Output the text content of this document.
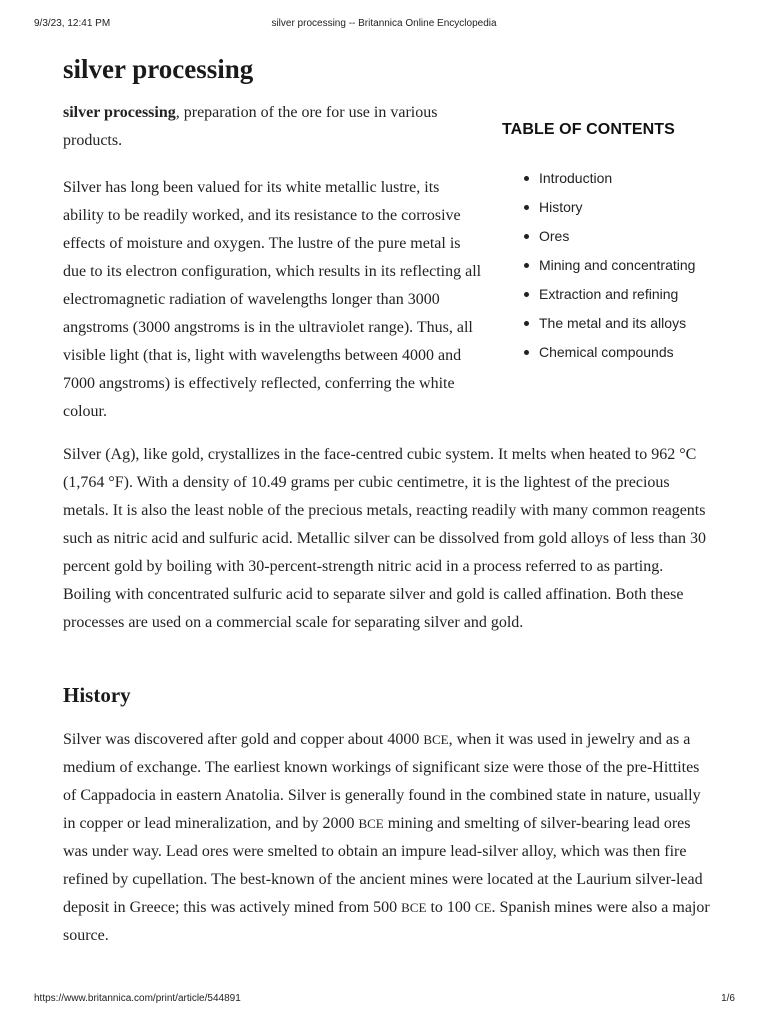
9/3/23, 12:41 PM	silver processing -- Britannica Online Encyclopedia
silver processing

silver processing, preparation of the ore for use in various products.

Silver has long been valued for its white metallic lustre, its ability to be readily worked, and its resistance to the corrosive effects of moisture and oxygen. The lustre of the pure metal is due to its electron configuration, which results in its reflecting all electromagnetic radiation of wavelengths longer than 3000 angstroms (3000 angstroms is in the ultraviolet range). Thus, all visible light (that is, light with wavelengths between 4000 and 7000 angstroms) is effectively reflected, conferring the white colour.

TABLE OF CONTENTS
Introduction
History
Ores
Mining and concentrating
Extraction and refining
The metal and its alloys
Chemical compounds

Silver (Ag), like gold, crystallizes in the face-centred cubic system. It melts when heated to 962 °C (1,764 °F). With a density of 10.49 grams per cubic centimetre, it is the lightest of the precious metals. It is also the least noble of the precious metals, reacting readily with many common reagents such as nitric acid and sulfuric acid. Metallic silver can be dissolved from gold alloys of less than 30 percent gold by boiling with 30-percent-strength nitric acid in a process referred to as parting. Boiling with concentrated sulfuric acid to separate silver and gold is called affination. Both these processes are used on a commercial scale for separating silver and gold.

History

Silver was discovered after gold and copper about 4000 BCE, when it was used in jewelry and as a medium of exchange. The earliest known workings of significant size were those of the pre-Hittites of Cappadocia in eastern Anatolia. Silver is generally found in the combined state in nature, usually in copper or lead mineralization, and by 2000 BCE mining and smelting of silver-bearing lead ores was under way. Lead ores were smelted to obtain an impure lead-silver alloy, which was then fire refined by cupellation. The best-known of the ancient mines were located at the Laurium silver-lead deposit in Greece; this was actively mined from 500 BCE to 100 CE. Spanish mines were also a major source.

https://www.britannica.com/print/article/544891	1/6
